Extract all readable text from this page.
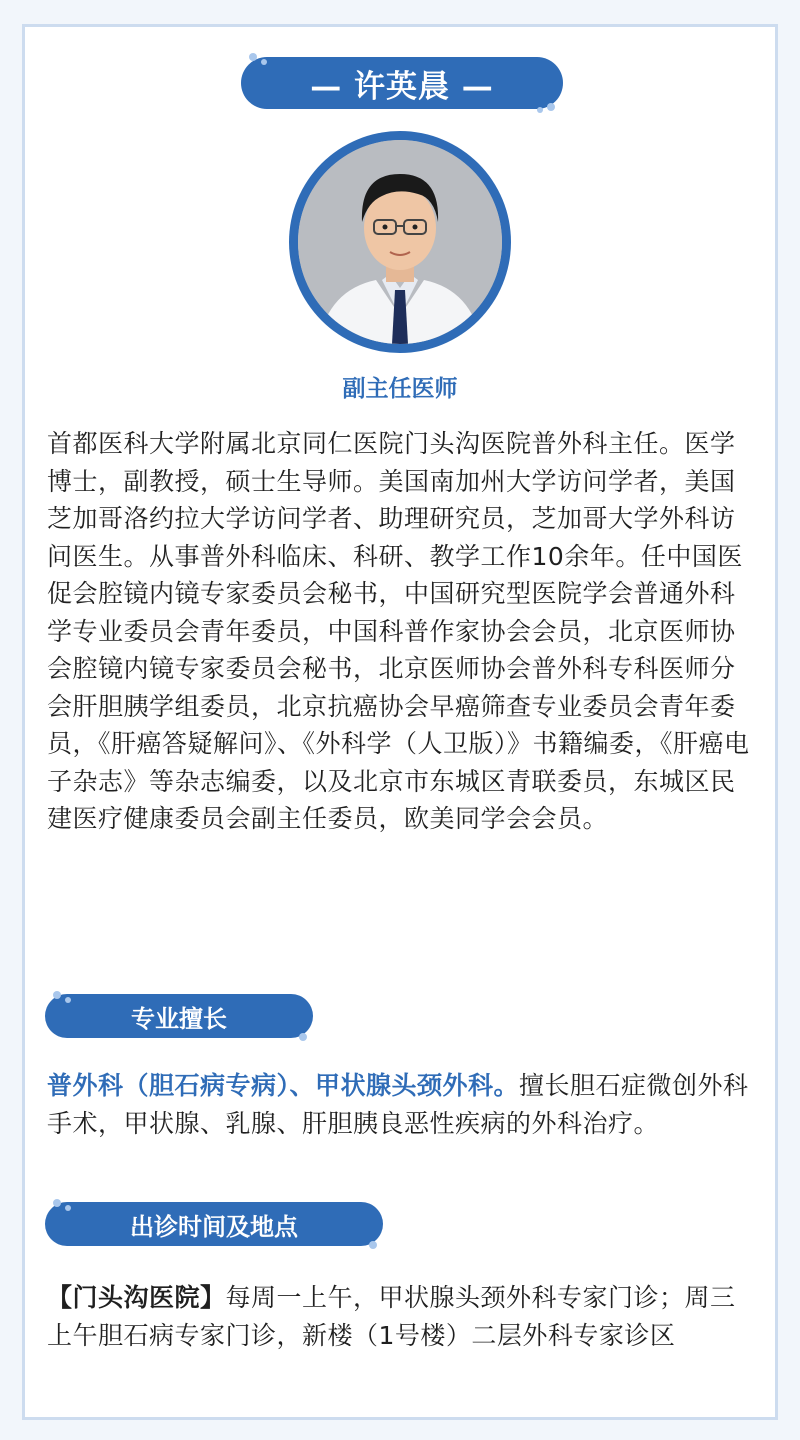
— 许英晨 —
副主任医师

首都医科大学附属北京同仁医院门头沟医院普外科主任。医学博士，副教授，硕士生导师。美国南加州大学访问学者，美国芝加哥洛约拉大学访问学者、助理研究员，芝加哥大学外科访问医生。从事普外科临床、科研、教学工作10余年。任中国医促会腔镜内镜专家委员会秘书，中国研究型医院学会普通外科学专业委员会青年委员，中国科普作家协会会员，北京医师协会腔镜内镜专家委员会秘书，北京医师协会普外科专科医师分会肝胆胰学组委员，北京抗癌协会早癌筛查专业委员会青年委员，《肝癌答疑解问》、《外科学（人卫版）》书籍编委，《肝癌电子杂志》等杂志编委，以及北京市东城区青联委员，东城区民建医疗健康委员会副主任委员，欧美同学会会员。

专业擅长

普外科（胆石病专病）、甲状腺头颈外科。擅长胆石症微创外科手术，甲状腺、乳腺、肝胆胰良恶性疾病的外科治疗。

出诊时间及地点

【门头沟医院】每周一上午，甲状腺头颈外科专家门诊；周三上午胆石病专家门诊，新楼（1号楼）二层外科专家诊区
